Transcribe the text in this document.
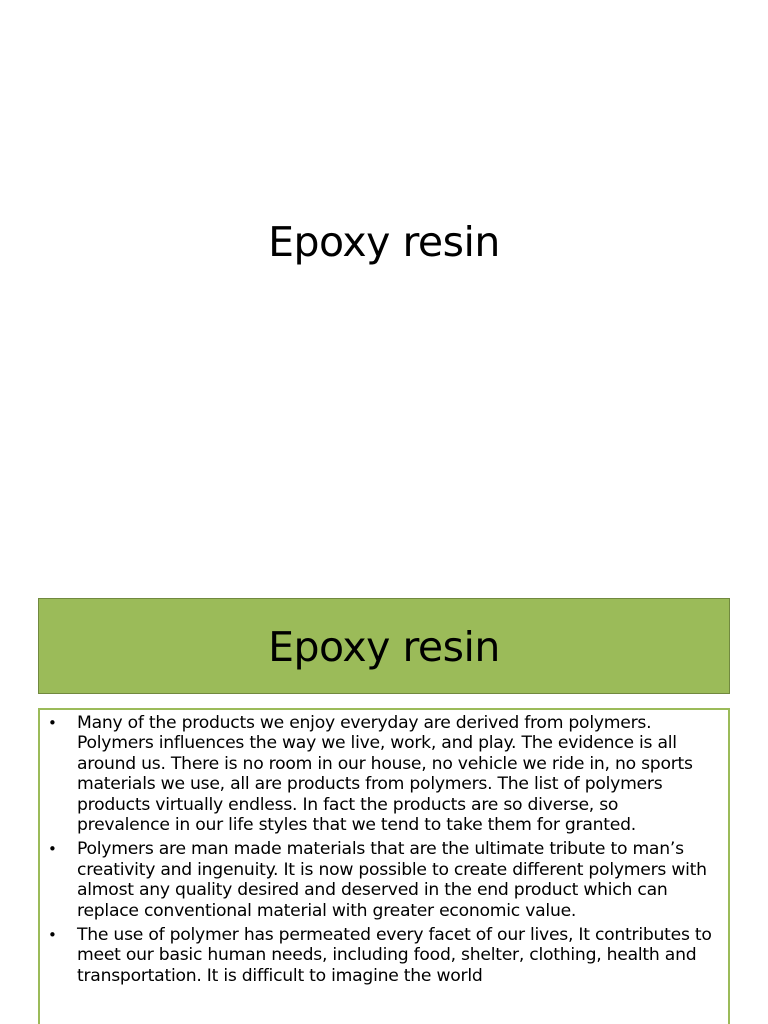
Epoxy resin
Epoxy resin
• Many of the products we enjoy everyday are derived from polymers. Polymers influences the way we live, work, and play. The evidence is all around us. There is no room in our house, no vehicle we ride in, no sports materials we use, all are products from polymers. The list of polymers products virtually endless. In fact the products are so diverse, so prevalence in our life styles that we tend to take them for granted.
• Polymers are man made materials that are the ultimate tribute to man’s creativity and ingenuity. It is now possible to create different polymers with almost any quality desired and deserved in the end product which can replace conventional material with greater economic value.
• The use of polymer has permeated every facet of our lives, It contributes to meet our basic human needs, including food, shelter, clothing, health and transportation. It is difficult to imagine the world
